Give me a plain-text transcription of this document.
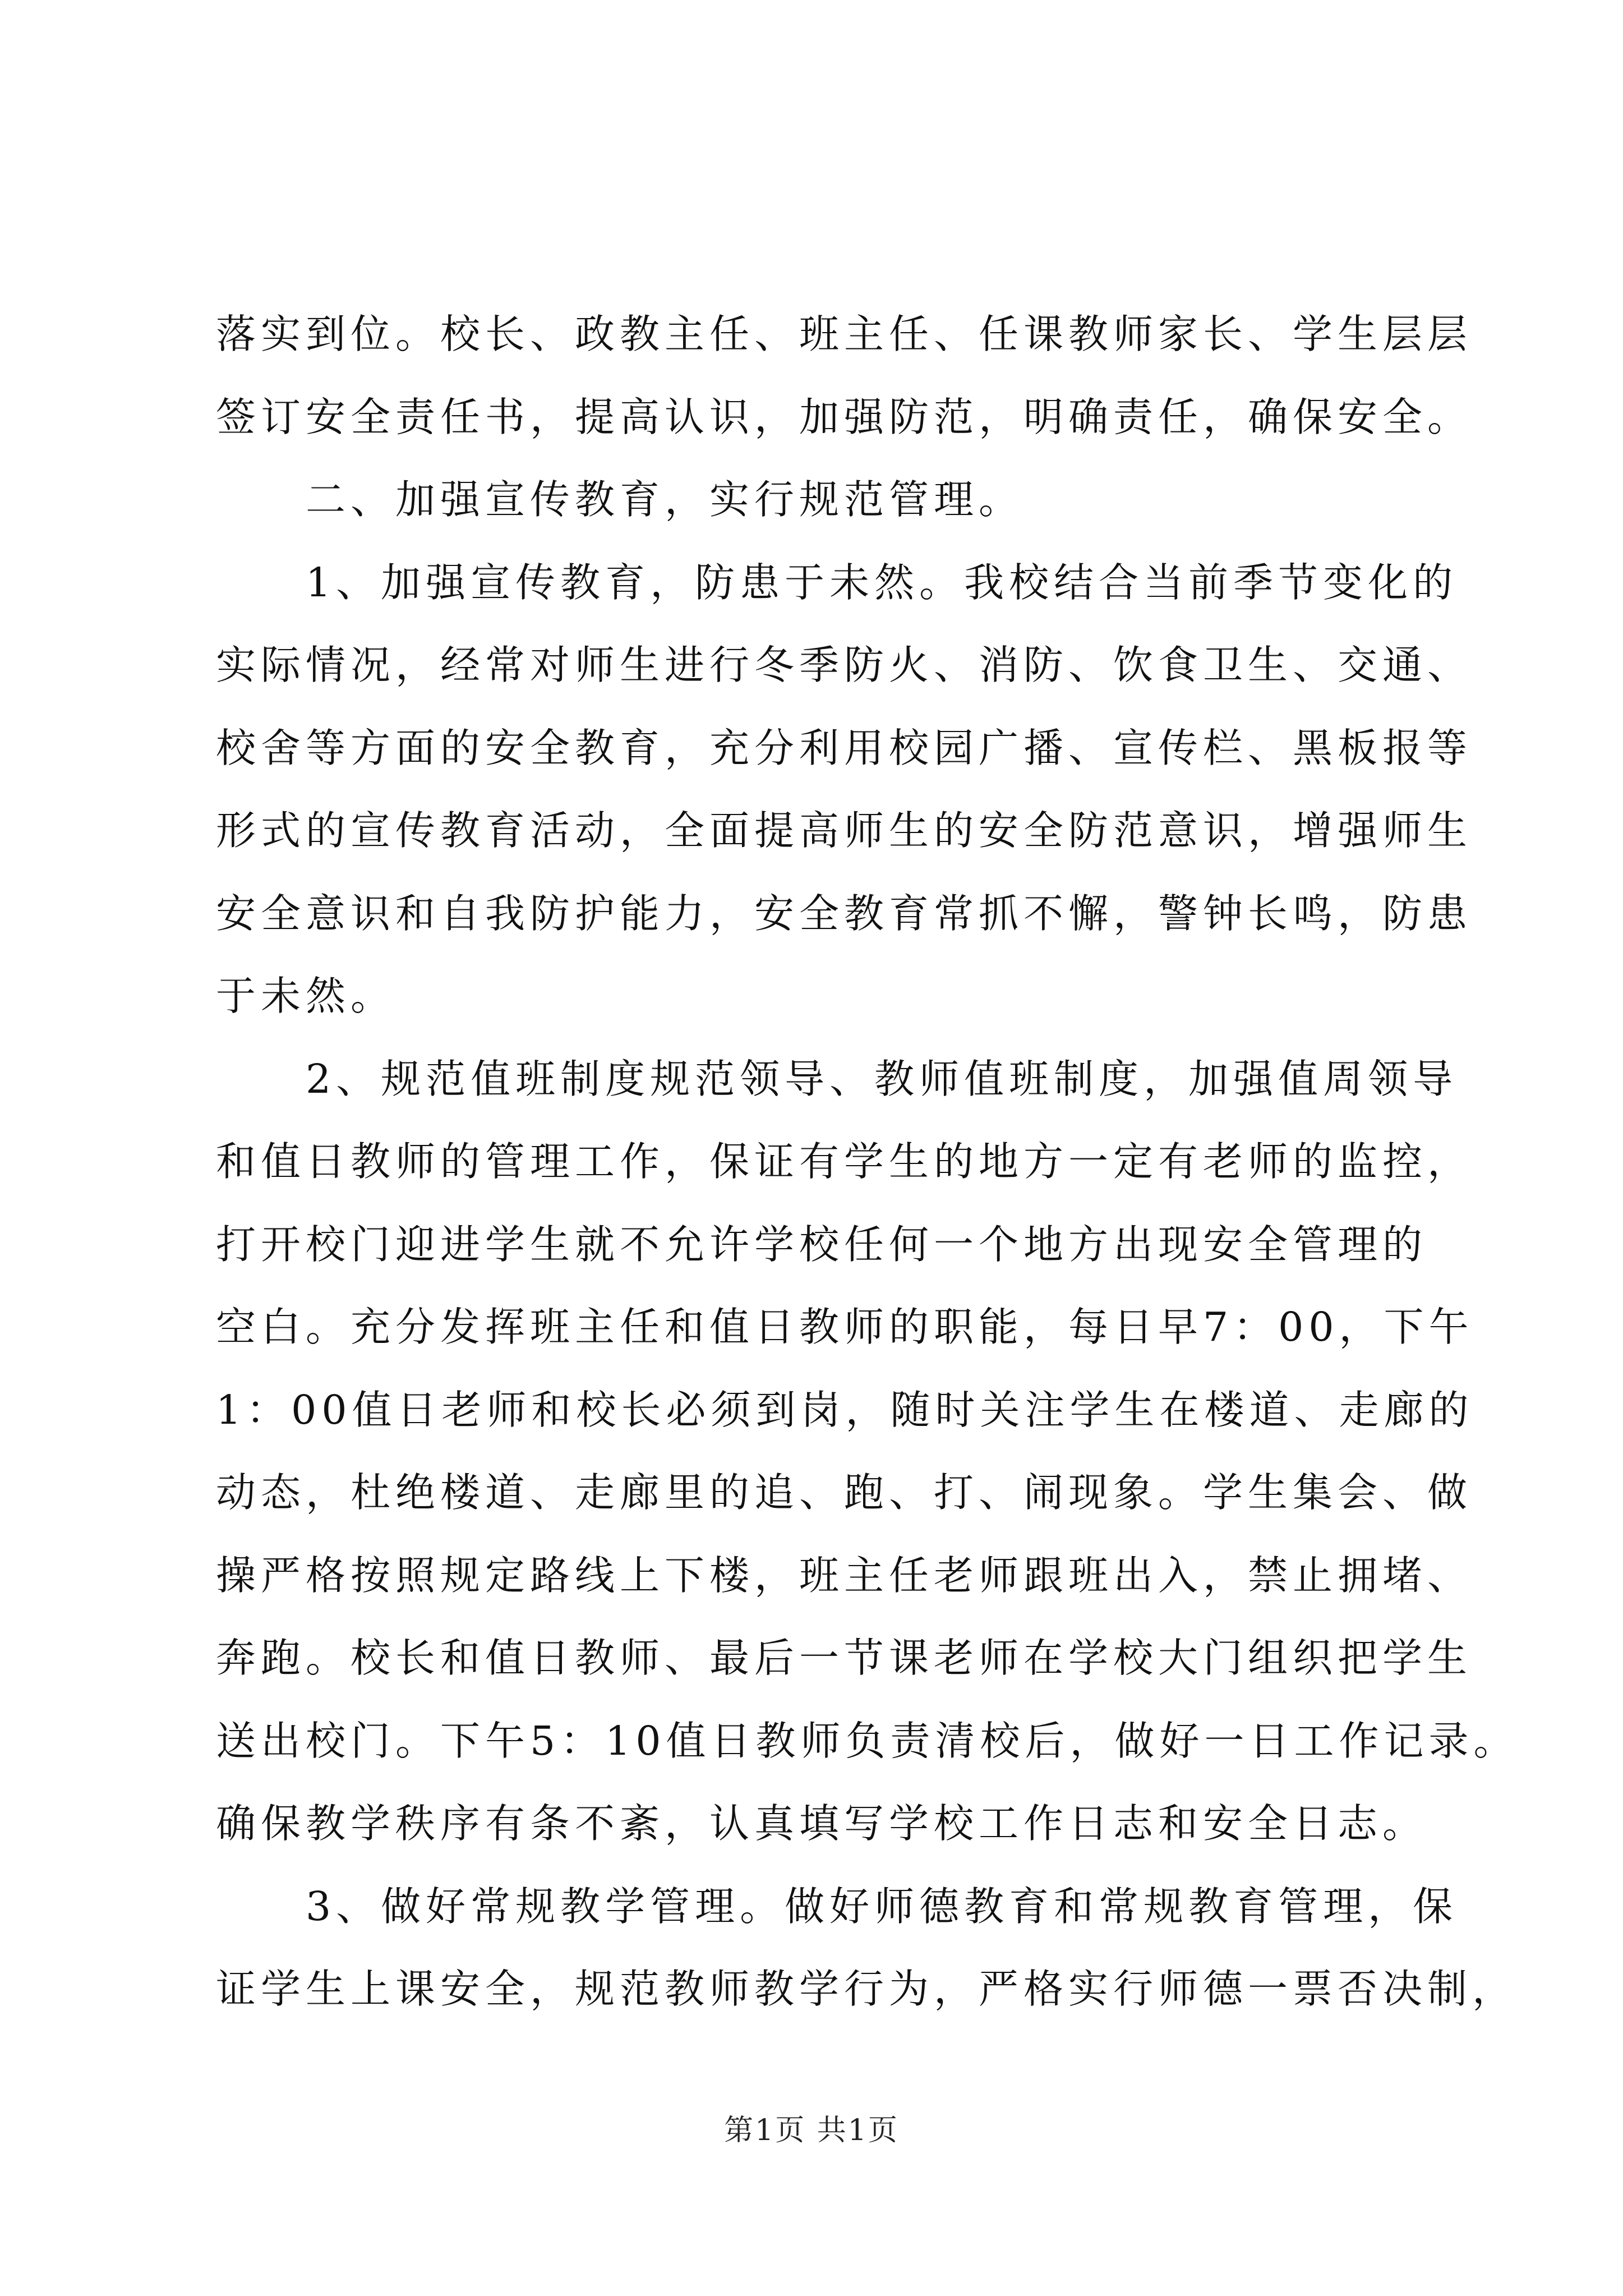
落实到位。校长、政教主任、班主任、任课教师家长、学生层层
签订安全责任书，提高认识，加强防范，明确责任，确保安全。
二、加强宣传教育，实行规范管理。
1、加强宣传教育，防患于未然。我校结合当前季节变化的
实际情况，经常对师生进行冬季防火、消防、饮食卫生、交通、
校舍等方面的安全教育，充分利用校园广播、宣传栏、黑板报等
形式的宣传教育活动，全面提高师生的安全防范意识，增强师生
安全意识和自我防护能力，安全教育常抓不懈，警钟长鸣，防患
于未然。
2、规范值班制度规范领导、教师值班制度，加强值周领导
和值日教师的管理工作，保证有学生的地方一定有老师的监控，
打开校门迎进学生就不允许学校任何一个地方出现安全管理的
空白。充分发挥班主任和值日教师的职能，每日早7：00，下午
1：00值日老师和校长必须到岗，随时关注学生在楼道、走廊的
动态，杜绝楼道、走廊里的追、跑、打、闹现象。学生集会、做
操严格按照规定路线上下楼，班主任老师跟班出入，禁止拥堵、
奔跑。校长和值日教师、最后一节课老师在学校大门组织把学生
送出校门。下午5：10值日教师负责清校后，做好一日工作记录。
确保教学秩序有条不紊，认真填写学校工作日志和安全日志。
3、做好常规教学管理。做好师德教育和常规教育管理，保
证学生上课安全，规范教师教学行为，严格实行师德一票否决制，
第1页 共1页
